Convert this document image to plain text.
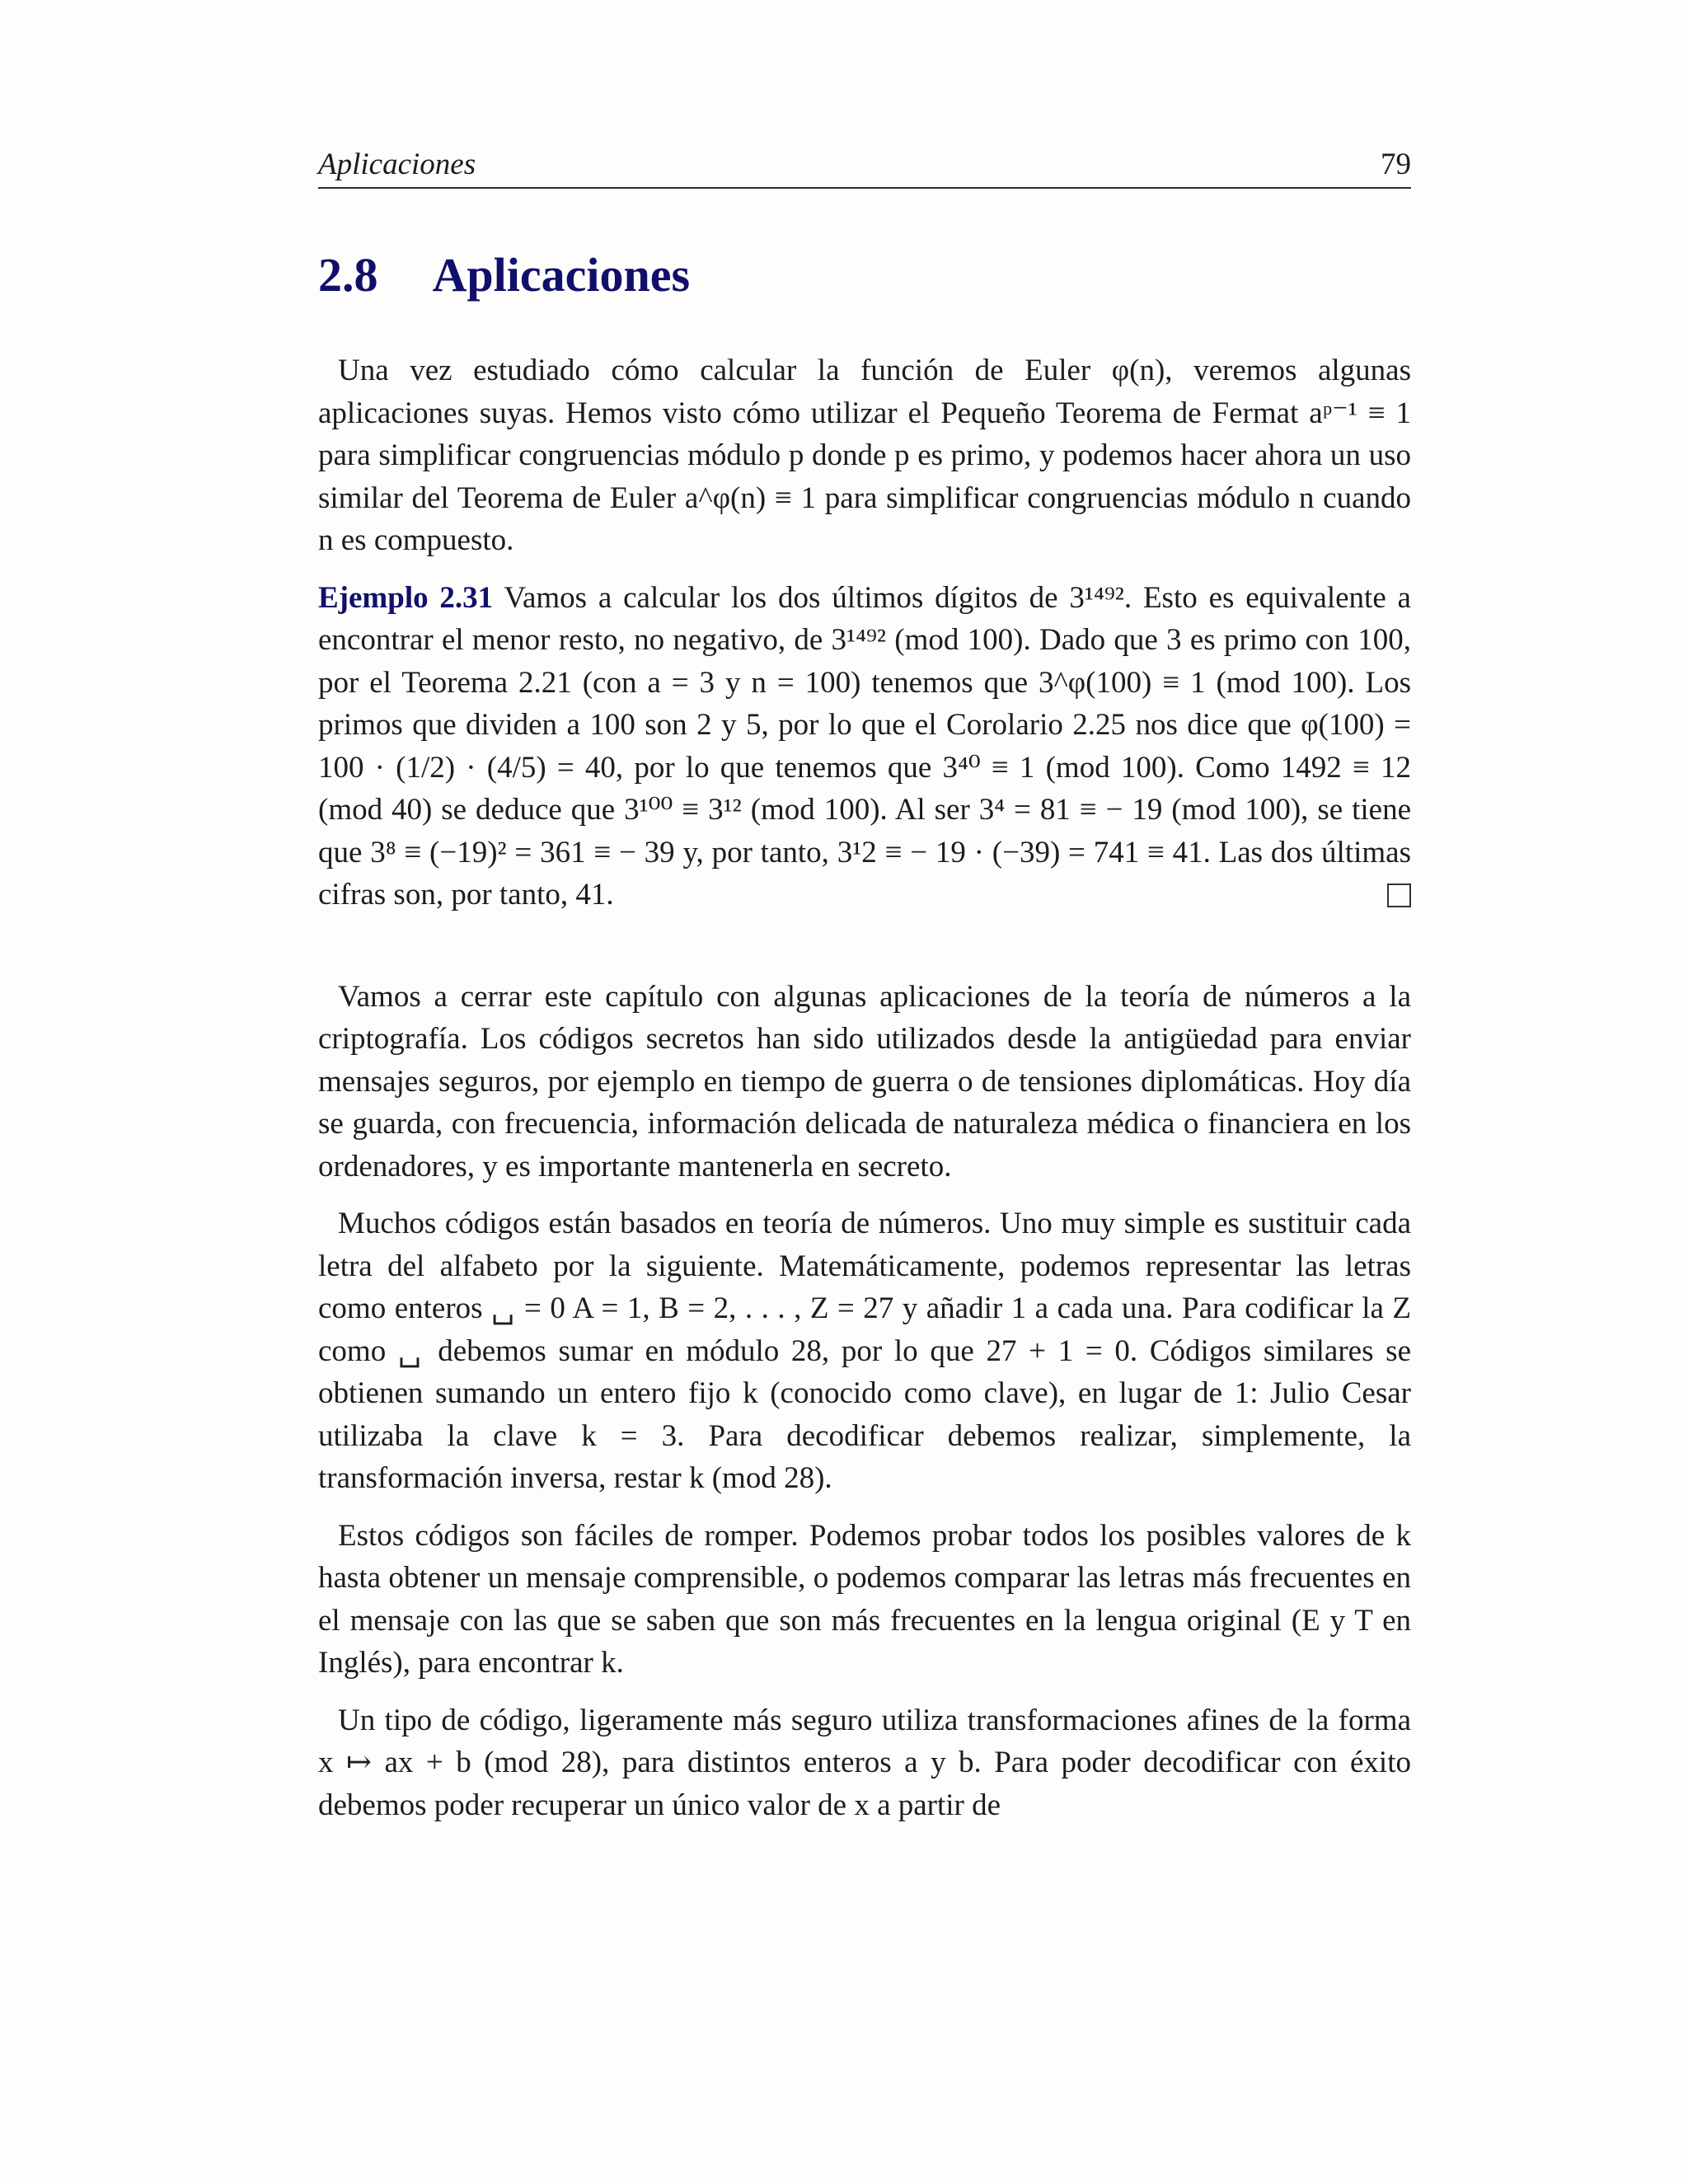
Aplicaciones	79
2.8 Aplicaciones

Una vez estudiado cómo calcular la función de Euler φ(n), veremos algunas aplicaciones suyas. Hemos visto cómo utilizar el Pequeño Teorema de Fermat aᵖ⁻¹ ≡ 1 para simplificar congruencias módulo p donde p es primo, y podemos hacer ahora un uso similar del Teorema de Euler a^φ(n) ≡ 1 para simplificar congruencias módulo n cuando n es compuesto.

Ejemplo 2.31 Vamos a calcular los dos últimos dígitos de 3¹⁴⁹². Esto es equivalente a encontrar el menor resto, no negativo, de 3¹⁴⁹² (mod 100). Dado que 3 es primo con 100, por el Teorema 2.21 (con a = 3 y n = 100) tenemos que 3^φ(100) ≡ 1 (mod 100). Los primos que dividen a 100 son 2 y 5, por lo que el Corolario 2.25 nos dice que φ(100) = 100 · (1/2) · (4/5) = 40, por lo que tenemos que 3⁴⁰ ≡ 1 (mod 100). Como 1492 ≡ 12 (mod 40) se deduce que 3¹⁰⁰ ≡ 3¹² (mod 100). Al ser 3⁴ = 81 ≡ − 19 (mod 100), se tiene que 3⁸ ≡ (−19)² = 361 ≡ − 39 y, por tanto, 3¹2 ≡ − 19 · (−39) = 741 ≡ 41. Las dos últimas cifras son, por tanto, 41.

Vamos a cerrar este capítulo con algunas aplicaciones de la teoría de números a la criptografía. Los códigos secretos han sido utilizados desde la antigüedad para enviar mensajes seguros, por ejemplo en tiempo de guerra o de tensiones diplomáticas. Hoy día se guarda, con frecuencia, información delicada de naturaleza médica o financiera en los ordenadores, y es importante mantenerla en secreto.

Muchos códigos están basados en teoría de números. Uno muy simple es sustituir cada letra del alfabeto por la siguiente. Matemáticamente, podemos representar las letras como enteros ␣ = 0 A = 1, B = 2, . . . , Z = 27 y añadir 1 a cada una. Para codificar la Z como ␣ debemos sumar en módulo 28, por lo que 27 + 1 = 0. Códigos similares se obtienen sumando un entero fijo k (conocido como clave), en lugar de 1: Julio Cesar utilizaba la clave k = 3. Para decodificar debemos realizar, simplemente, la transformación inversa, restar k (mod 28).

Estos códigos son fáciles de romper. Podemos probar todos los posibles valores de k hasta obtener un mensaje comprensible, o podemos comparar las letras más frecuentes en el mensaje con las que se saben que son más frecuentes en la lengua original (E y T en Inglés), para encontrar k.

Un tipo de código, ligeramente más seguro utiliza transformaciones afines de la forma x ↦ ax + b (mod 28), para distintos enteros a y b. Para poder decodificar con éxito debemos poder recuperar un único valor de x a partir de
